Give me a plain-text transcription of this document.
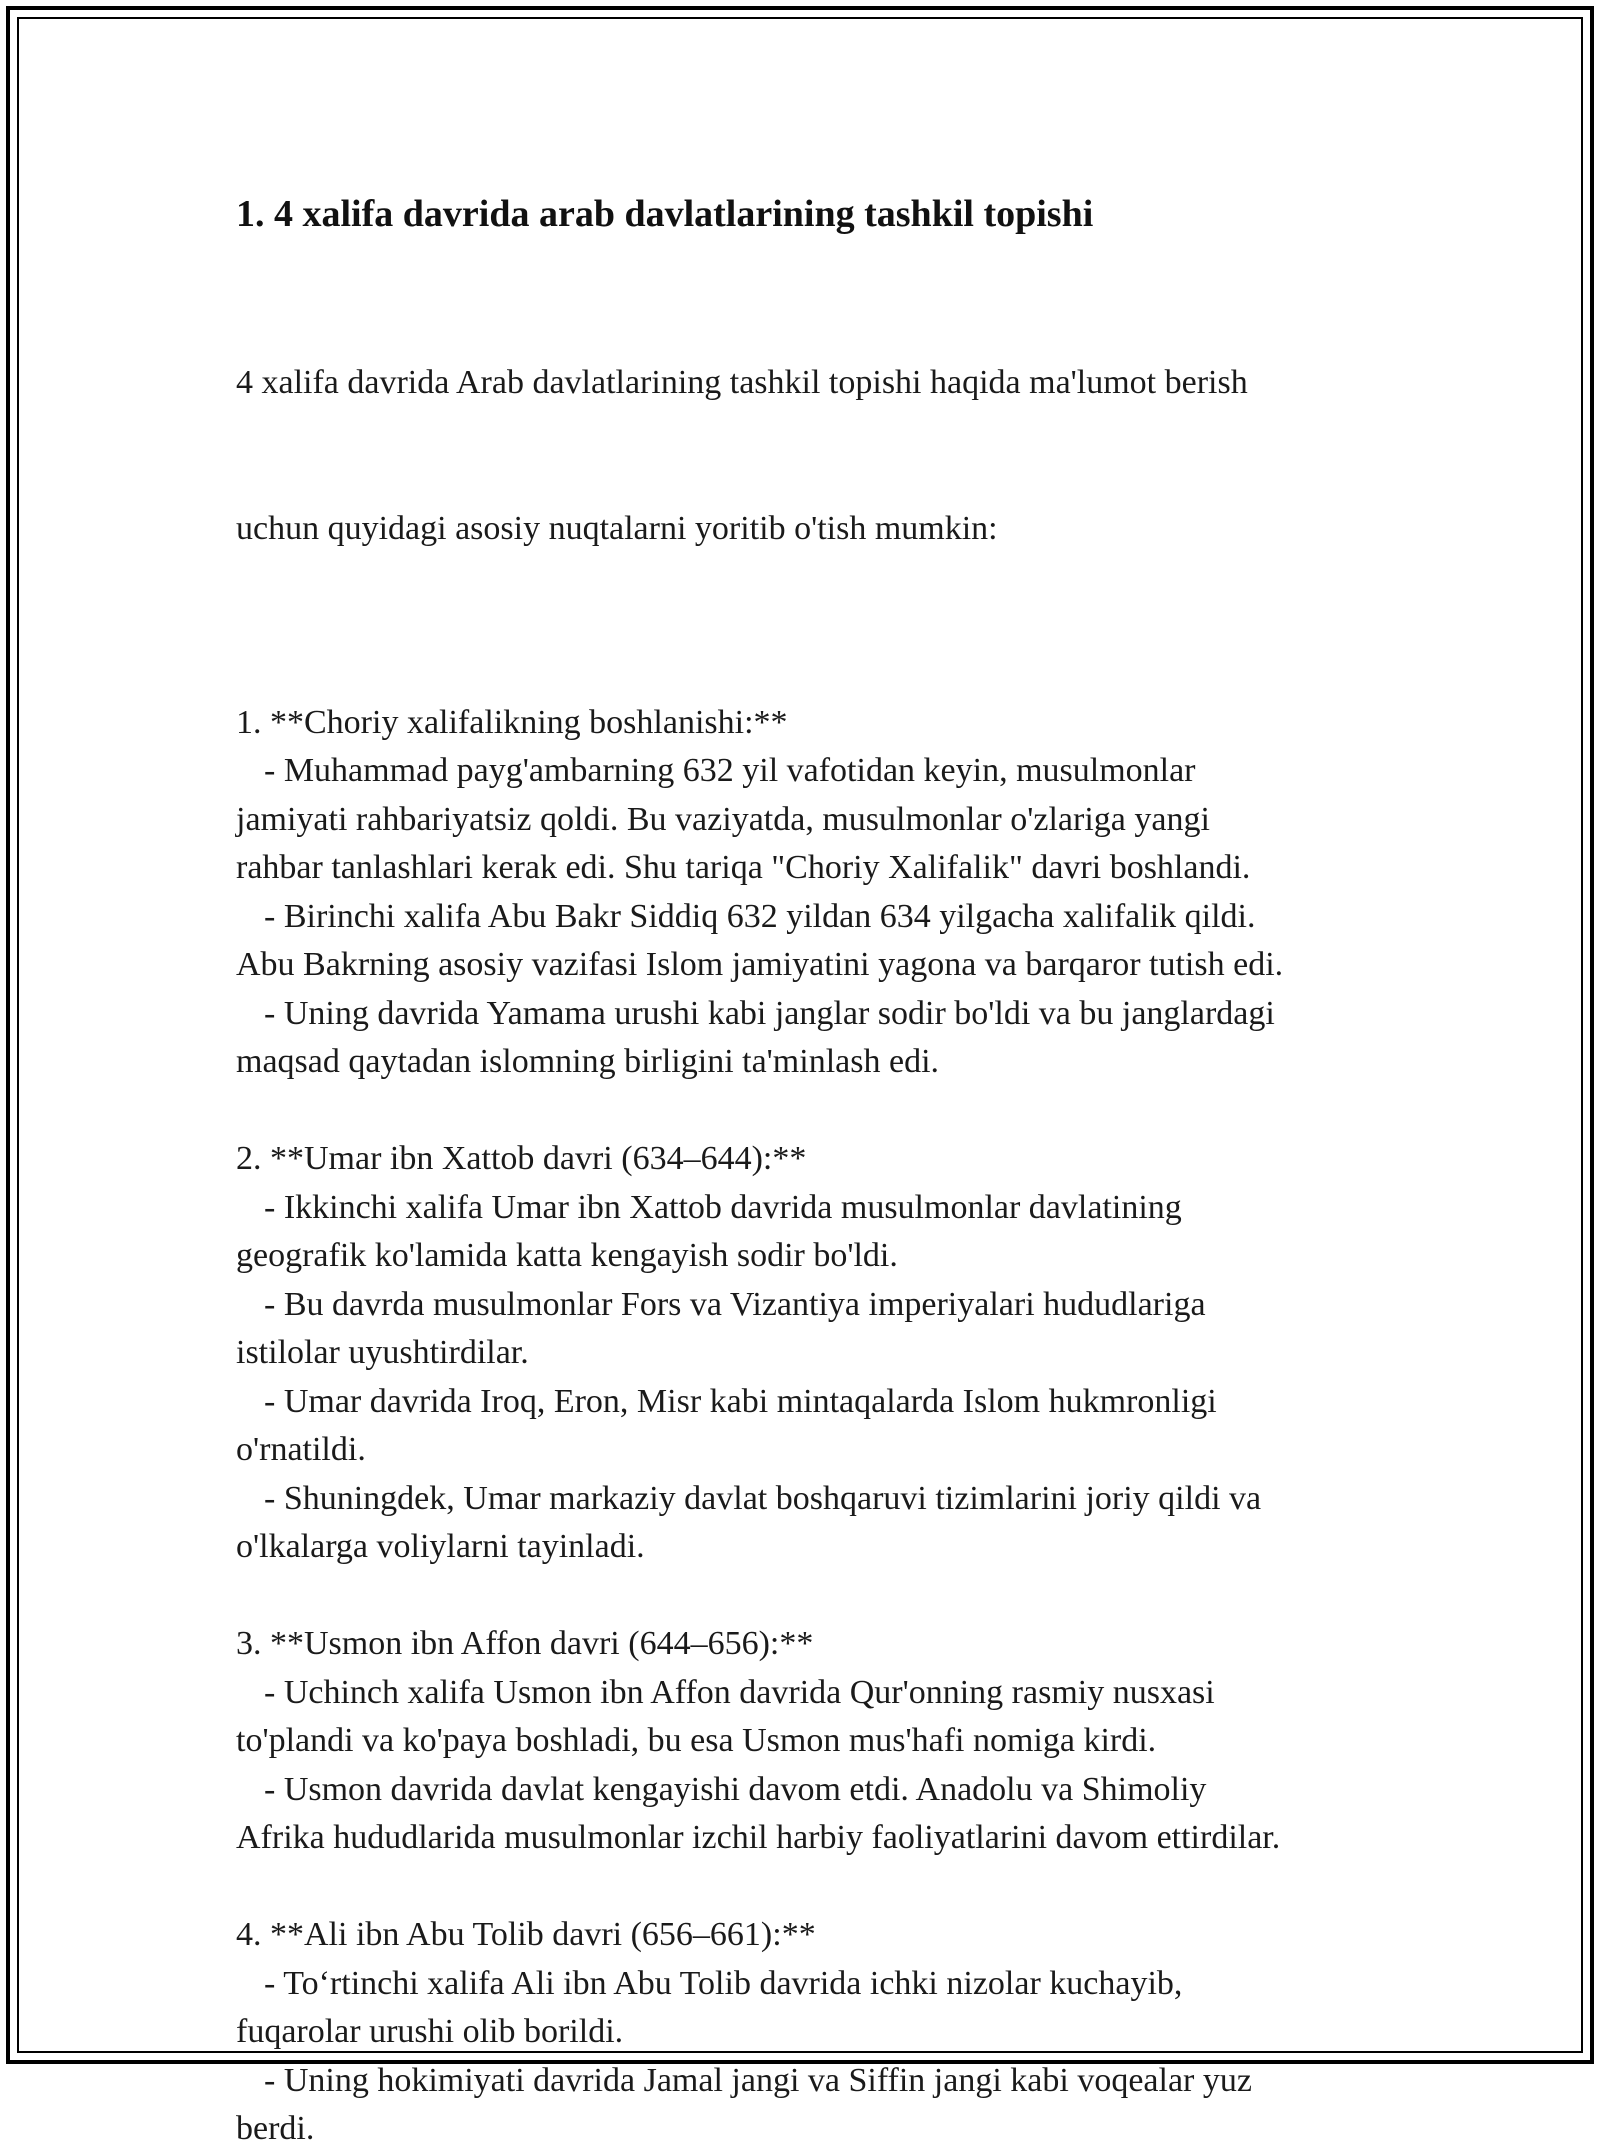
1. 4 xalifa davrida arab davlatlarining tashkil topishi

4 xalifa davrida Arab davlatlarining tashkil topishi haqida ma'lumot berish

uchun quyidagi asosiy nuqtalarni yoritib o'tish mumkin:

1. **Choriy xalifalikning boshlanishi:**
- Muhammad payg'ambarning 632 yil vafotidan keyin, musulmonlar
jamiyati rahbariyatsiz qoldi. Bu vaziyatda, musulmonlar o'zlariga yangi
rahbar tanlashlari kerak edi. Shu tariqa "Choriy Xalifalik" davri boshlandi.
- Birinchi xalifa Abu Bakr Siddiq 632 yildan 634 yilgacha xalifalik qildi.
Abu Bakrning asosiy vazifasi Islom jamiyatini yagona va barqaror tutish edi.
- Uning davrida Yamama urushi kabi janglar sodir bo'ldi va bu janglardagi
maqsad qaytadan islomning birligini ta'minlash edi.
2. **Umar ibn Xattob davri (634–644):**
- Ikkinchi xalifa Umar ibn Xattob davrida musulmonlar davlatining
geografik ko'lamida katta kengayish sodir bo'ldi.
- Bu davrda musulmonlar Fors va Vizantiya imperiyalari hududlariga
istilolar uyushtirdilar.
- Umar davrida Iroq, Eron, Misr kabi mintaqalarda Islom hukmronligi
o'rnatildi.
- Shuningdek, Umar markaziy davlat boshqaruvi tizimlarini joriy qildi va
o'lkalarga voliylarni tayinladi.
3. **Usmon ibn Affon davri (644–656):**
- Uchinch xalifa Usmon ibn Affon davrida Qur'onning rasmiy nusxasi
to'plandi va ko'paya boshladi, bu esa Usmon mus'hafi nomiga kirdi.
- Usmon davrida davlat kengayishi davom etdi. Anadolu va Shimoliy
Afrika hududlarida musulmonlar izchil harbiy faoliyatlarini davom ettirdilar.
4. **Ali ibn Abu Tolib davri (656–661):**
- To‘rtinchi xalifa Ali ibn Abu Tolib davrida ichki nizolar kuchayib,
fuqarolar urushi olib borildi.
- Uning hokimiyati davrida Jamal jangi va Siffin jangi kabi voqealar yuz
berdi.
